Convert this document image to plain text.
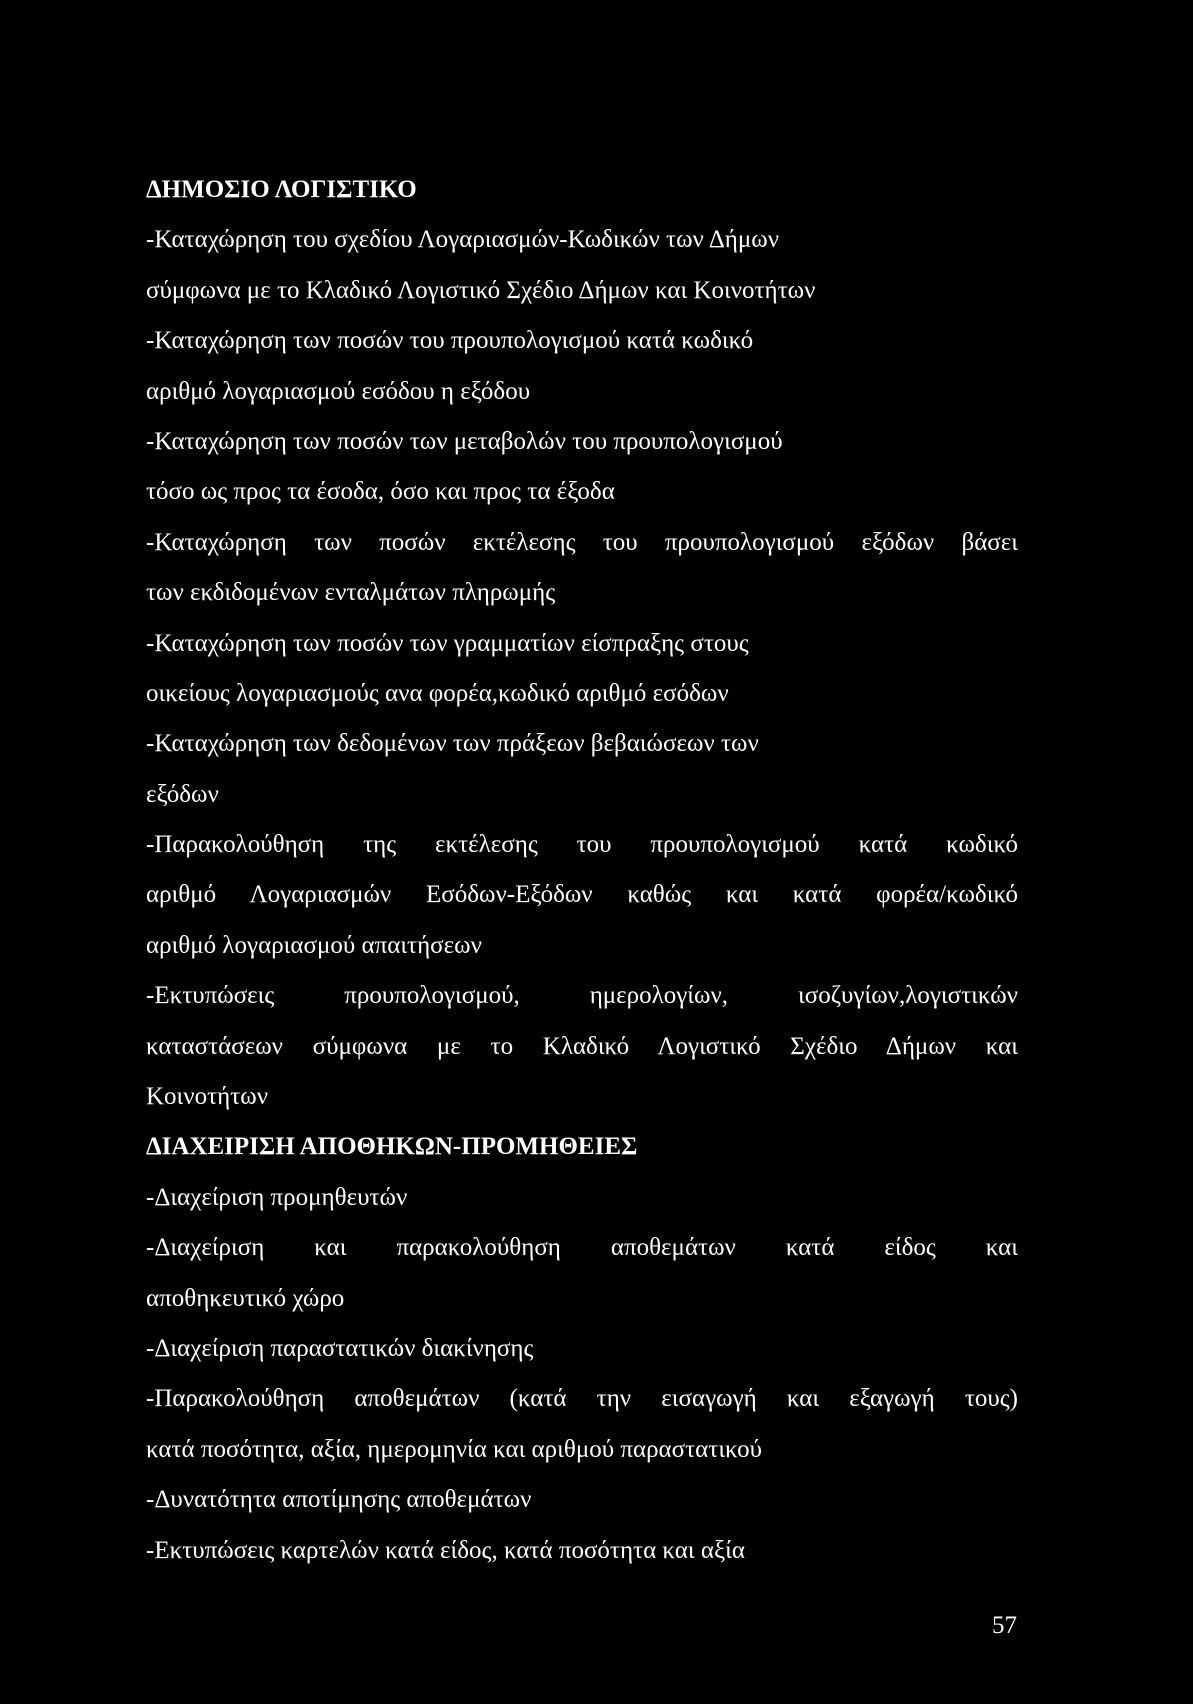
ΔΗΜΟΣΙΟ ΛΟΓΙΣΤΙΚΟ
-Καταχώρηση του σχεδίου Λογαριασμών-Κωδικών των Δήμων
σύμφωνα με το Κλαδικό Λογιστικό Σχέδιο Δήμων και Κοινοτήτων
-Καταχώρηση των ποσών του προυπολογισμού κατά κωδικό
αριθμό λογαριασμού εσόδου η εξόδου
-Καταχώρηση των ποσών των μεταβολών του προυπολογισμού
τόσο ως προς τα έσοδα, όσο και προς τα έξοδα
-Καταχώρηση των ποσών εκτέλεσης του προυπολογισμού εξόδων βάσει
των εκδιδομένων ενταλμάτων πληρωμής
-Καταχώρηση των ποσών των γραμματίων είσπραξης στους
οικείους λογαριασμούς ανα φορέα,κωδικό αριθμό εσόδων
-Καταχώρηση των δεδομένων των πράξεων βεβαιώσεων των
εξόδων
-Παρακολούθηση της εκτέλεσης του προυπολογισμού κατά κωδικό
αριθμό Λογαριασμών Εσόδων-Εξόδων καθώς και κατά φορέα/κωδικό
αριθμό λογαριασμού απαιτήσεων
-Εκτυπώσεις προυπολογισμού, ημερολογίων, ισοζυγίων,λογιστικών
καταστάσεων σύμφωνα με το Κλαδικό Λογιστικό Σχέδιο Δήμων και
Κοινοτήτων
ΔΙΑΧΕΙΡΙΣΗ ΑΠΟΘΗΚΩΝ-ΠΡΟΜΗΘΕΙΕΣ
-Διαχείριση προμηθευτών
-Διαχείριση και παρακολούθηση αποθεμάτων κατά είδος και
αποθηκευτικό χώρο
-Διαχείριση παραστατικών διακίνησης
-Παρακολούθηση αποθεμάτων (κατά την εισαγωγή και εξαγωγή τους)
κατά ποσότητα, αξία, ημερομηνία και αριθμού παραστατικού
-Δυνατότητα αποτίμησης αποθεμάτων
-Εκτυπώσεις καρτελών κατά είδος, κατά ποσότητα και αξία
57
